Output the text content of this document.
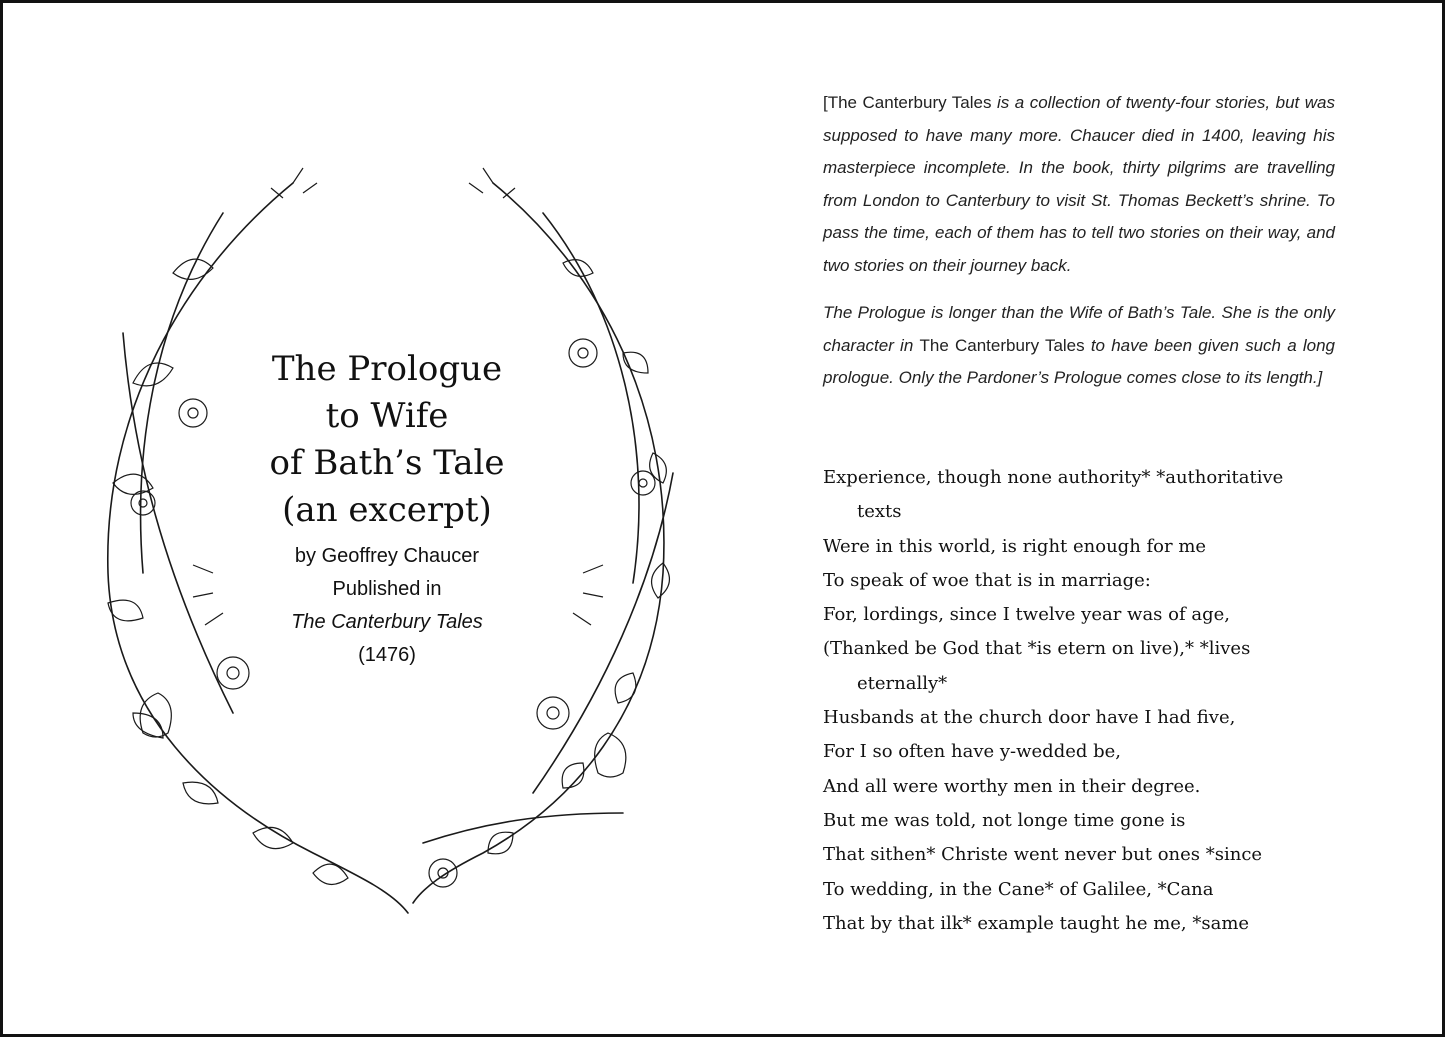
The Prologue
to Wife
of Bath’s Tale
(an excerpt)
by Geoffrey Chaucer
Published in
The Canterbury Tales
(1476)

[The Canterbury Tales is a collection of twenty-four stories, but was supposed to have many more. Chaucer died in 1400, leaving his masterpiece incomplete. In the book, thirty pilgrims are travelling from London to Canterbury to visit St. Thomas Beckett’s shrine. To pass the time, each of them has to tell two stories on their way, and two stories on their journey back.

The Prologue is longer than the Wife of Bath’s Tale. She is the only character in The Canterbury Tales to have been given such a long prologue. Only the Pardoner’s Prologue comes close to its length.]

Experience, though none authority* *authoritative
texts
Were in this world, is right enough for me
To speak of woe that is in marriage:
For, lordings, since I twelve year was of age,
(Thanked be God that *is etern on live),* *lives
eternally*
Husbands at the church door have I had five,
For I so often have y-wedded be,
And all were worthy men in their degree.
But me was told, not longe time gone is
That sithen* Christe went never but ones *since
To wedding, in the Cane* of Galilee, *Cana
That by that ilk* example taught he me, *same
